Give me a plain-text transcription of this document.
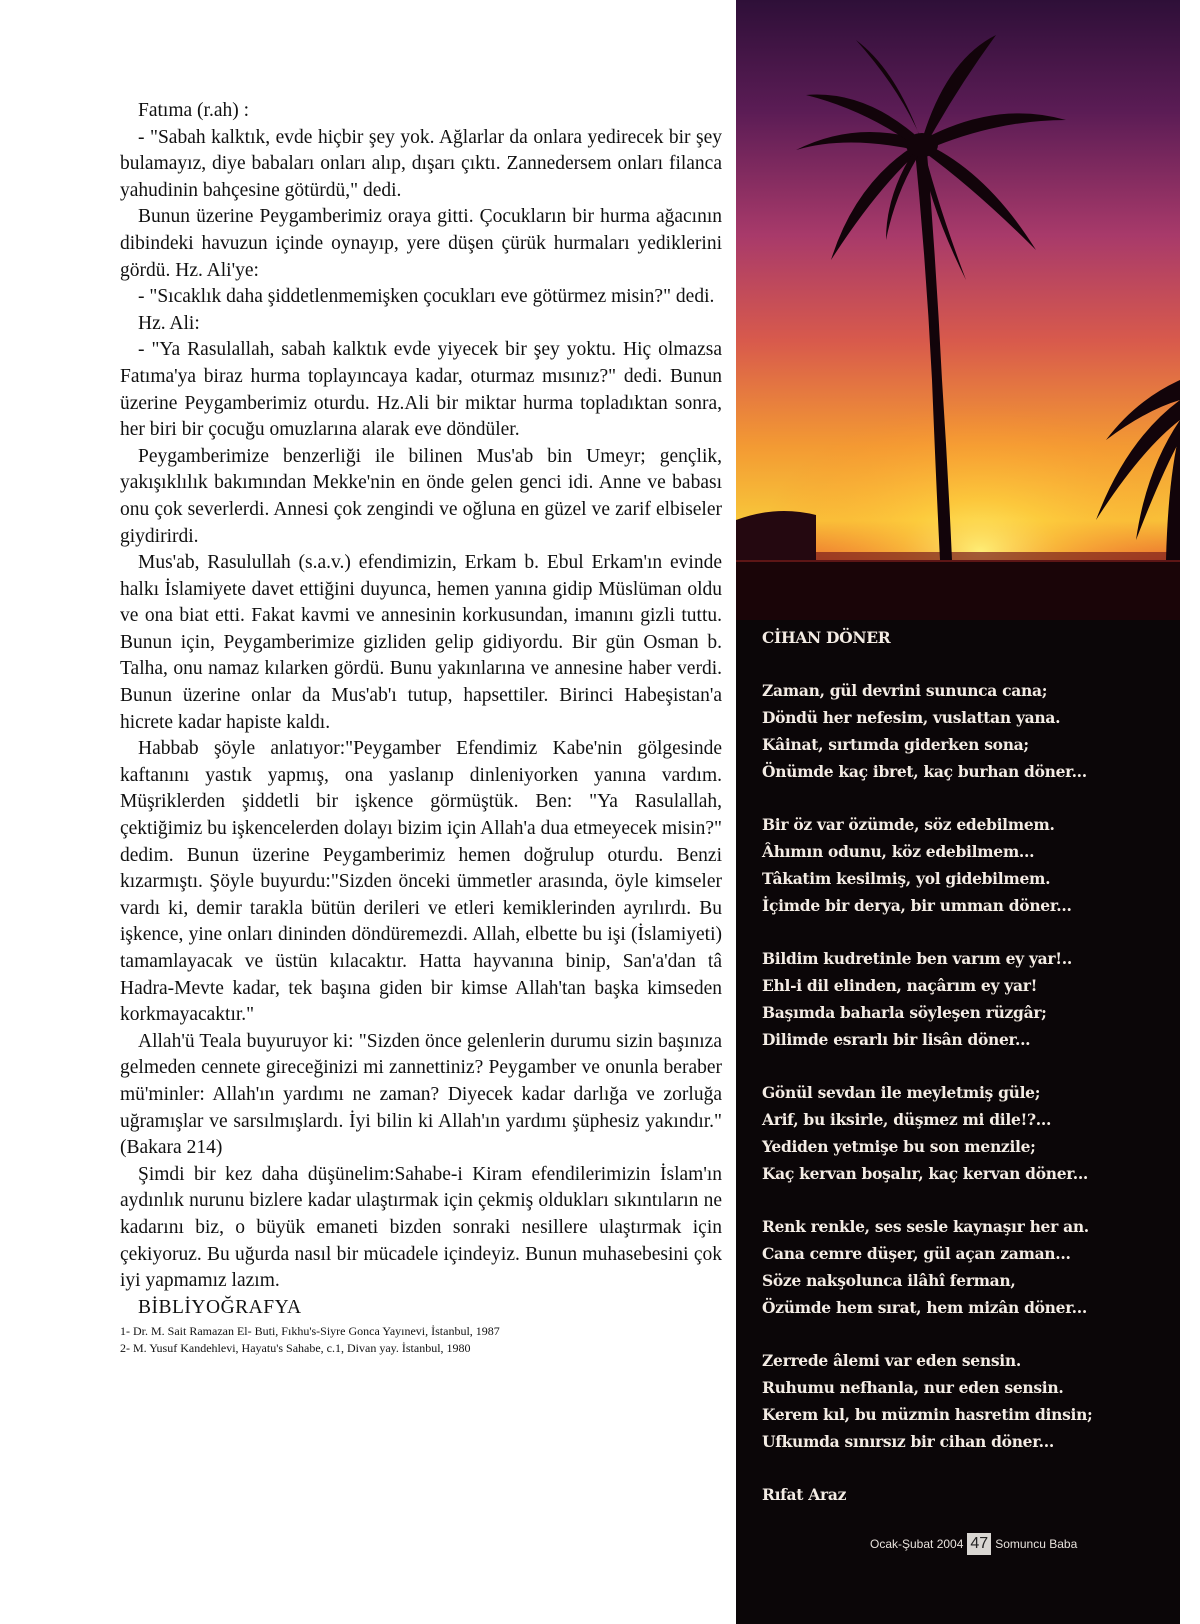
Fatıma (r.ah) :

- "Sabah kalktık, evde hiçbir şey yok. Ağlarlar da onlara yedirecek bir şey bulamayız, diye babaları onları alıp, dışarı çıktı. Zannedersem onları filanca yahudinin bahçesine götürdü," dedi.

Bunun üzerine Peygamberimiz oraya gitti. Çocukların bir hurma ağacının dibindeki havuzun içinde oynayıp, yere düşen çürük hurmaları yediklerini gördü. Hz. Ali'ye:

- "Sıcaklık daha şiddetlenmemişken çocukları eve götürmez misin?" dedi.

Hz. Ali:

- "Ya Rasulallah, sabah kalktık evde yiyecek bir şey yoktu. Hiç olmazsa Fatıma'ya biraz hurma toplayıncaya kadar, oturmaz mısınız?" dedi. Bunun üzerine Peygamberimiz oturdu. Hz.Ali bir miktar hurma topladıktan sonra, her biri bir çocuğu omuzlarına alarak eve döndüler.

Peygamberimize benzerliği ile bilinen Mus'ab bin Umeyr; gençlik, yakışıklılık bakımından Mekke'nin en önde gelen genci idi. Anne ve babası onu çok severlerdi. Annesi çok zengindi ve oğluna en güzel ve zarif elbiseler giydirirdi.

Mus'ab, Rasulullah (s.a.v.) efendimizin, Erkam b. Ebul Erkam'ın evinde halkı İslamiyete davet ettiğini duyunca, hemen yanına gidip Müslüman oldu ve ona biat etti. Fakat kavmi ve annesinin korkusundan, imanını gizli tuttu. Bunun için, Peygamberimize gizliden gelip gidiyordu. Bir gün Osman b. Talha, onu namaz kılarken gördü. Bunu yakınlarına ve annesine haber verdi. Bunun üzerine onlar da Mus'ab'ı tutup, hapsettiler. Birinci Habeşistan'a hicrete kadar hapiste kaldı.

Habbab şöyle anlatıyor:"Peygamber Efendimiz Kabe'nin gölgesinde kaftanını yastık yapmış, ona yaslanıp dinleniyorken yanına vardım. Müşriklerden şiddetli bir işkence görmüştük. Ben: "Ya Rasulallah, çektiğimiz bu işkencelerden dolayı bizim için Allah'a dua etmeyecek misin?" dedim. Bunun üzerine Peygamberimiz hemen doğrulup oturdu. Benzi kızarmıştı. Şöyle buyurdu:"Sizden önceki ümmetler arasında, öyle kimseler vardı ki, demir tarakla bütün derileri ve etleri kemiklerinden ayrılırdı. Bu işkence, yine onları dininden döndüremezdi. Allah, elbette bu işi (İslamiyeti) tamamlayacak ve üstün kılacaktır. Hatta hayvanına binip, San'a'dan tâ Hadra-Mevte kadar, tek başına giden bir kimse Allah'tan başka kimseden korkmayacaktır."

Allah'ü Teala buyuruyor ki: "Sizden önce gelenlerin durumu sizin başınıza gelmeden cennete gireceğinizi mi zannettiniz? Peygamber ve onunla beraber mü'minler: Allah'ın yardımı ne zaman? Diyecek kadar darlığa ve zorluğa uğramışlar ve sarsılmışlardı. İyi bilin ki Allah'ın yardımı şüphesiz yakındır."(Bakara 214)

Şimdi bir kez daha düşünelim:Sahabe-i Kiram efendilerimizin İslam'ın aydınlık nurunu bizlere kadar ulaştırmak için çekmiş oldukları sıkıntıların ne kadarını biz, o büyük emaneti bizden sonraki nesillere ulaştırmak için çekiyoruz. Bu uğurda nasıl bir mücadele içindeyiz. Bunun muhasebesini çok iyi yapmamız lazım.

BİBLİYOĞRAFYA

1- Dr. M. Sait Ramazan El- Buti, Fıkhu's-Siyre Gonca Yayınevi, İstanbul, 1987

2- M. Yusuf Kandehlevi, Hayatu's Sahabe, c.1, Divan yay. İstanbul, 1980

CİHAN DÖNER

Zaman, gül devrini sununca cana;
Döndü her nefesim, vuslattan yana.
Kâinat, sırtımda giderken sona;
Önümde kaç ibret, kaç burhan döner...
Bir öz var özümde, söz edebilmem.
Âhımın odunu, köz edebilmem...
Tâkatim kesilmiş, yol gidebilmem.
İçimde bir derya, bir umman döner...
Bildim kudretinle ben varım ey yar!..
Ehl-i dil elinden, naçârım ey yar!
Başımda baharla söyleşen rüzgâr;
Dilimde esrarlı bir lisân döner...
Gönül sevdan ile meyletmiş güle;
Arif, bu iksirle, düşmez mi dile!?...
Yediden yetmişe bu son menzile;
Kaç kervan boşalır, kaç kervan döner...
Renk renkle, ses sesle kaynaşır her an.
Cana cemre düşer, gül açan zaman...
Söze nakşolunca ilâhî ferman,
Özümde hem sırat, hem mizân döner...
Zerrede âlemi var eden sensin.
Ruhumu nefhanla, nur eden sensin.
Kerem kıl, bu müzmin hasretim dinsin;
Ufkumda sınırsız bir cihan döner...

Rıfat Araz

Ocak-Şubat 2004 47 Somuncu Baba
